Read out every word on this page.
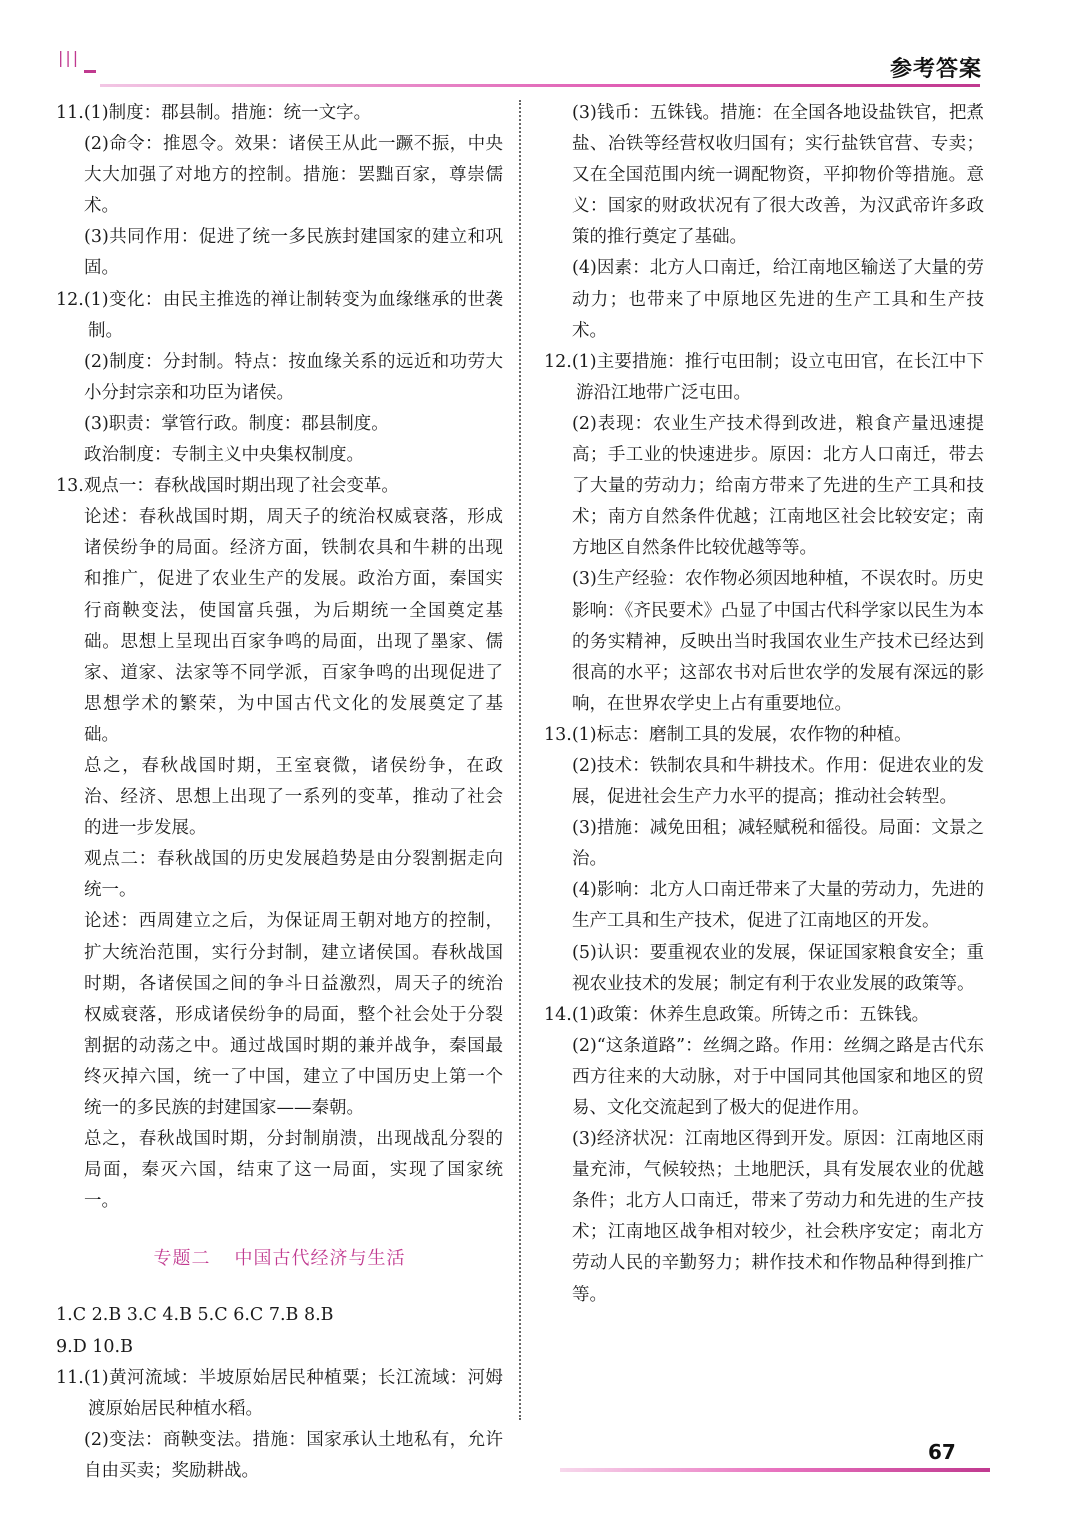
|||	参考答案

11.(1)制度：郡县制。措施：统一文字。

(2)命令：推恩令。效果：诸侯王从此一蹶不振，中央大大加强了对地方的控制。措施：罢黜百家，尊崇儒术。

(3)共同作用：促进了统一多民族封建国家的建立和巩固。

12.(1)变化：由民主推选的禅让制转变为血缘继承的世袭制。

(2)制度：分封制。特点：按血缘关系的远近和功劳大小分封宗亲和功臣为诸侯。

(3)职责：掌管行政。制度：郡县制度。

政治制度：专制主义中央集权制度。

13.观点一：春秋战国时期出现了社会变革。

论述：春秋战国时期，周天子的统治权威衰落，形成诸侯纷争的局面。经济方面，铁制农具和牛耕的出现和推广，促进了农业生产的发展。政治方面，秦国实行商鞅变法，使国富兵强，为后期统一全国奠定基础。思想上呈现出百家争鸣的局面，出现了墨家、儒家、道家、法家等不同学派，百家争鸣的出现促进了思想学术的繁荣，为中国古代文化的发展奠定了基础。

总之，春秋战国时期，王室衰微，诸侯纷争，在政治、经济、思想上出现了一系列的变革，推动了社会的进一步发展。

观点二：春秋战国的历史发展趋势是由分裂割据走向统一。

论述：西周建立之后，为保证周王朝对地方的控制，扩大统治范围，实行分封制，建立诸侯国。春秋战国时期，各诸侯国之间的争斗日益激烈，周天子的统治权威衰落，形成诸侯纷争的局面，整个社会处于分裂割据的动荡之中。通过战国时期的兼并战争，秦国最终灭掉六国，统一了中国，建立了中国历史上第一个统一的多民族的封建国家——秦朝。

总之，春秋战国时期，分封制崩溃，出现战乱分裂的局面，秦灭六国，结束了这一局面，实现了国家统一。

专题二 中国古代经济与生活

1.C 2.B 3.C 4.B 5.C 6.C 7.B 8.B

9.D 10.B

11.(1)黄河流域：半坡原始居民种植粟；长江流域：河姆渡原始居民种植水稻。

(2)变法：商鞅变法。措施：国家承认土地私有，允许自由买卖；奖励耕战。

(3)钱币：五铢钱。措施：在全国各地设盐铁官，把煮盐、冶铁等经营权收归国有；实行盐铁官营、专卖；又在全国范围内统一调配物资，平抑物价等措施。意义：国家的财政状况有了很大改善，为汉武帝许多政策的推行奠定了基础。

(4)因素：北方人口南迁，给江南地区输送了大量的劳动力；也带来了中原地区先进的生产工具和生产技术。

12.(1)主要措施：推行屯田制；设立屯田官，在长江中下游沿江地带广泛屯田。

(2)表现：农业生产技术得到改进，粮食产量迅速提高；手工业的快速进步。原因：北方人口南迁，带去了大量的劳动力；给南方带来了先进的生产工具和技术；南方自然条件优越；江南地区社会比较安定；南方地区自然条件比较优越等等。

(3)生产经验：农作物必须因地种植，不误农时。历史影响：《齐民要术》凸显了中国古代科学家以民生为本的务实精神，反映出当时我国农业生产技术已经达到很高的水平；这部农书对后世农学的发展有深远的影响，在世界农学史上占有重要地位。

13.(1)标志：磨制工具的发展，农作物的种植。

(2)技术：铁制农具和牛耕技术。作用：促进农业的发展，促进社会生产力水平的提高；推动社会转型。

(3)措施：减免田租；减轻赋税和徭役。局面：文景之治。

(4)影响：北方人口南迁带来了大量的劳动力，先进的生产工具和生产技术，促进了江南地区的开发。

(5)认识：要重视农业的发展，保证国家粮食安全；重视农业技术的发展；制定有利于农业发展的政策等。

14.(1)政策：休养生息政策。所铸之币：五铢钱。

(2)“这条道路”：丝绸之路。作用：丝绸之路是古代东西方往来的大动脉，对于中国同其他国家和地区的贸易、文化交流起到了极大的促进作用。

(3)经济状况：江南地区得到开发。原因：江南地区雨量充沛，气候较热；土地肥沃，具有发展农业的优越条件；北方人口南迁，带来了劳动力和先进的生产技术；江南地区战争相对较少，社会秩序安定；南北方劳动人民的辛勤努力；耕作技术和作物品种得到推广等。

67
